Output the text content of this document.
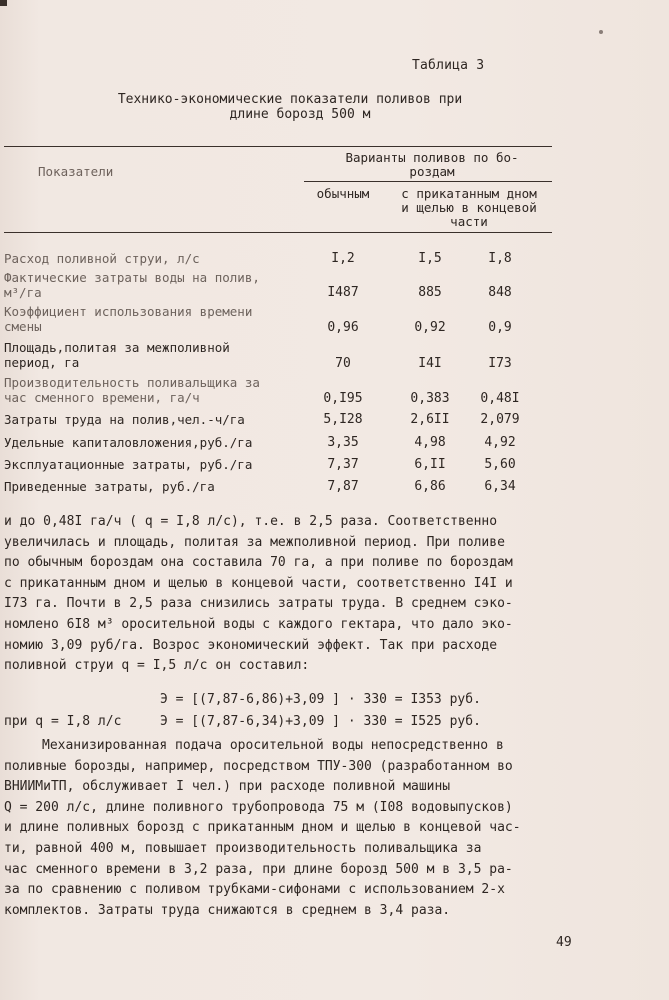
Таблица 3
Технико-экономические показатели поливов при
длине борозд 500 м
Показатели
Варианты поливов по бо-
роздам
обычным	с прикатанным дном
и щелью в концевой
части
Расход поливной струи, л/с	I,2	I,5	I,8
Фактические затраты воды на полив,
м³/га	I487	885	848
Коэффициент использования времени
смены	0,96	0,92	0,9
Площадь,политая за межполивной
период, га	70	I4I	I73
Производительность поливальщика за
час сменного времени, га/ч	0,I95	0,383	0,48I
Затраты труда на полив,чел.-ч/га	5,I28	2,6II	2,079
Удельные капиталовложения,руб./га	3,35	4,98	4,92
Эксплуатационные затраты, руб./га	7,37	6,II	5,60
Приведенные затраты, руб./га	7,87	6,86	6,34

и до 0,48I га/ч ( q = I,8 л/с), т.е. в 2,5 раза. Соответственно

увеличилась и площадь, политая за межполивной период. При поливе

по обычным бороздам она составила 70 га, а при поливе по бороздам

с прикатанным дном и щелью в концевой части, соответственно I4I и

I73 га. Почти в 2,5 раза снизились затраты труда. В среднем сэко-

номлено 6I8 м³ оросительной воды с каждого гектара, что дало эко-

номию 3,09 руб/га. Возрос экономический эффект. Так при расходе

поливной струи q = I,5 л/с он составил:

Э = [(7,87-6,86)+3,09 ] · 330 = I353 руб.
при q = I,8 л/с	Э = [(7,87-6,34)+3,09 ] · 330 = I525 руб.

Механизированная подача оросительной воды непосредственно в

поливные борозды, например, посредством ТПУ-300 (разработанном во

ВНИИМиТП, обслуживает I чел.) при расходе поливной машины

Q = 200 л/с, длине поливного трубопровода 75 м (I08 водовыпусков)

и длине поливных борозд с прикатанным дном и щелью в концевой час-

ти, равной 400 м, повышает производительность поливальщика за

час сменного времени в 3,2 раза, при длине борозд 500 м в 3,5 ра-

за по сравнению с поливом трубками-сифонами с использованием 2-х

комплектов. Затраты труда снижаются в среднем в 3,4 раза.

49
